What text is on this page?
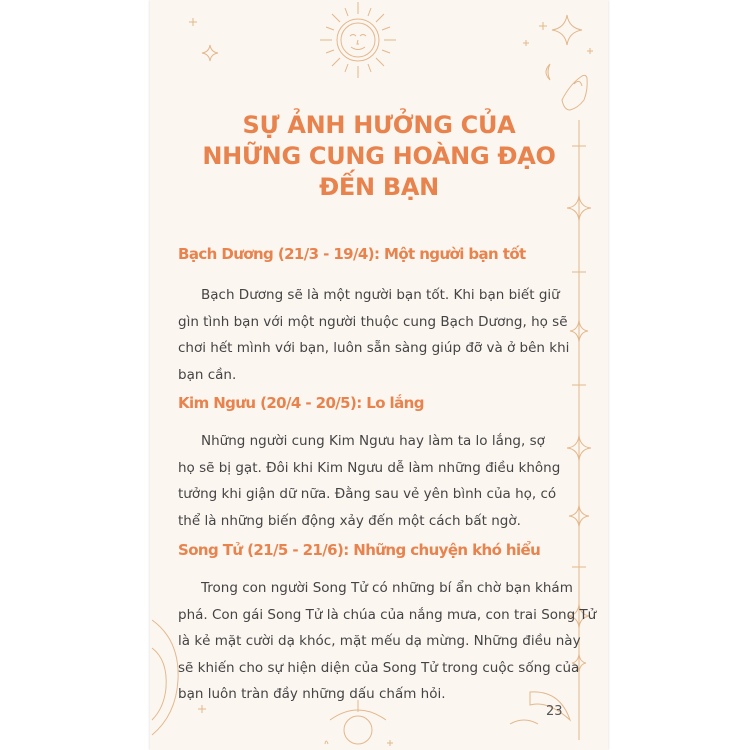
SỰ ẢNH HƯỞNG CỦA
NHỮNG CUNG HOÀNG ĐẠO
ĐẾN BẠN
Bạch Dương (21/3 - 19/4): Một người bạn tốt
Bạch Dương sẽ là một người bạn tốt. Khi bạn biết giữ
gìn tình bạn với một người thuộc cung Bạch Dương, họ sẽ
chơi hết mình với bạn, luôn sẵn sàng giúp đỡ và ở bên khi
bạn cần.
Kim Ngưu (20/4 - 20/5): Lo lắng
Những người cung Kim Ngưu hay làm ta lo lắng, sợ
họ sẽ bị gạt. Đôi khi Kim Ngưu dễ làm những điều không
tưởng khi giận dữ nữa. Đằng sau vẻ yên bình của họ, có
thể là những biến động xảy đến một cách bất ngờ.
Song Tử (21/5 - 21/6): Những chuyện khó hiểu
Trong con người Song Tử có những bí ẩn chờ bạn khám
phá. Con gái Song Tử là chúa của nắng mưa, con trai Song Tử
là kẻ mặt cười dạ khóc, mặt mếu dạ mừng. Những điều này
sẽ khiến cho sự hiện diện của Song Tử trong cuộc sống của
bạn luôn tràn đầy những dấu chấm hỏi.
23
